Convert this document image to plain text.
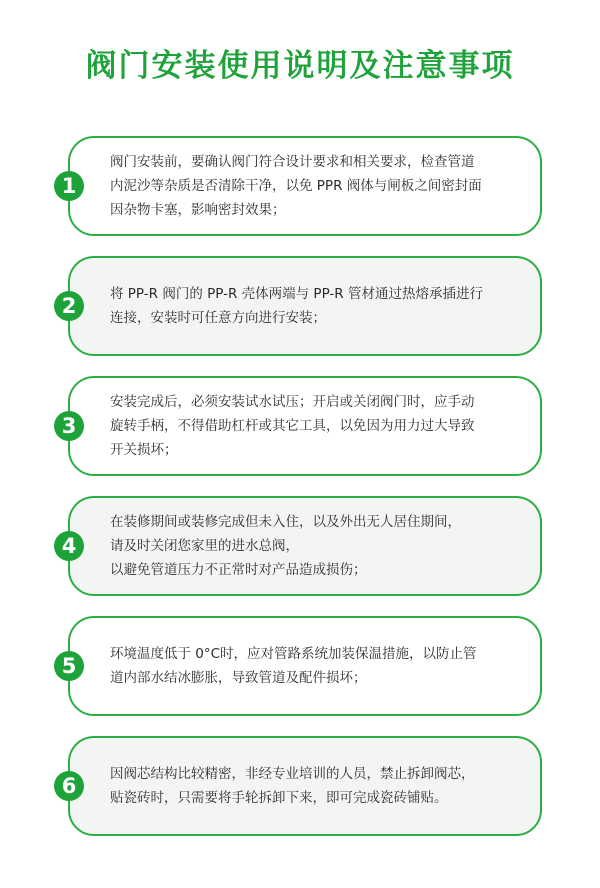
阀门安装使用说明及注意事项
阀门安装前，要确认阀门符合设计要求和相关要求，检查管道
内泥沙等杂质是否清除干净，以免 PPR 阀体与闸板之间密封面
因杂物卡塞，影响密封效果；
1
将 PP-R 阀门的 PP-R 壳体两端与 PP-R 管材通过热熔承插进行
连接，安装时可任意方向进行安装；
2
安装完成后，必须安装试水试压；开启或关闭阀门时，应手动
旋转手柄，不得借助杠杆或其它工具，以免因为用力过大导致
开关损坏；
3
在装修期间或装修完成但未入住，以及外出无人居住期间，
请及时关闭您家里的进水总阀，
以避免管道压力不正常时对产品造成损伤；
4
环境温度低于 0°C时，应对管路系统加装保温措施，以防止管
道内部水结冰膨胀，导致管道及配件损坏；
5
因阀芯结构比较精密，非经专业培训的人员，禁止拆卸阀芯，
贴瓷砖时，只需要将手轮拆卸下来，即可完成瓷砖铺贴。
6
